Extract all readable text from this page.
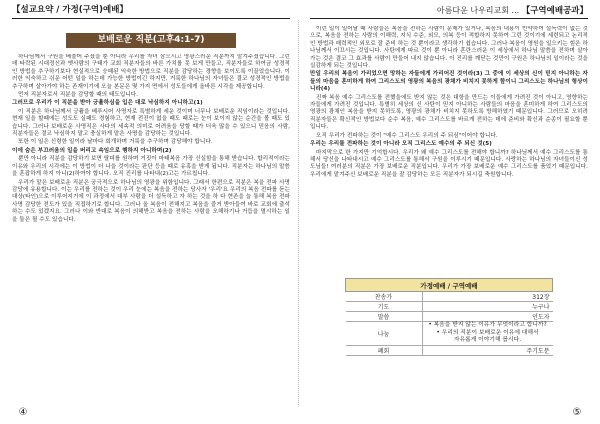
【설교요약 / 가정(구역)예배】
보배로운 직분(고후4:1-7)

하나님께서 구원을 베풀어 주셨을 뿐 아니라 우리를 자녀 삼으시고 영광스러운 직분까지 맡겨주셨습니다. 그런데 타락된 시대정신과 옛사람의 구태가 교회 직분자들의 바른 가치를 못 보게 만들고, 직분자들로 하여금 성경적인 방법을 추구하기보다 현실적으로 승패된 익숙한 방법으로 직분을 감당하는 경향을 보이도록 이끌었습니다. 이러한 익숙하고 쉬운 어떤 일을 하는데 가능한 방법이긴 하지만, 거룩한 하나님의 자녀들은 결코 성경적인 방법을 추구하며 살아가야 하는 존재이기에 오늘 본문은 몇 가지 면에서 성도들에게 올바른 시각을 제공합니다.

먼저 직분자로서 직분을 감당할 때의 태도입니다.

그러므로 우리가 이 직분을 받아 긍휼하심을 입은 대로 낙심하지 아니하고(1)

이 직분은 하나님께서 긍휼을 베푸시어 사명자로 특별하게 세운 것이며 너무나 보배로운 직임이라는 것입니다. 현재 일을 할때에는 성도도 실패도 경험하고, 현재 전진이 없을 때도 때로는 눈이 보이지 않는 순간을 볼 때도 있습니다. 그러나 보배로운 사명직은 사다의 세속적 의미로 어려움을 당할 때가 더욱 많을 수 있으니 믿음의 사람, 직분자들은 결코 낙심하지 말고 충실하게 맡은 사명을 감당하는 것입니다.

또한 이 일은 신령한 일이라 날마다 회개하며 거룩을 추구하며 감당해야 합니다.

이에 숨은 부끄러움의 일을 버리고 속임으로 행하지 아니하며(2)

뿐만 아니라 직분을 감당하기 보면 탈피를 원하며 거짓이 마태복음 가장 신실함을 통해 받습니다. 합리적이라는 이유와 우리의 시각에는 이 방법이 더 나을 것이라는 판단 등을 때로 유혹을 받게 됩니다. 직분자는 하나님의 말씀을 혼잡하게 하지 아니(2)하여야 합니다. 오직 진리를 나타내(2)고는 가르칩니다.

우리가 맡은 보배로운 직분은 궁극적으로 하나님의 영광을 위함입니다. 그래서 한편으로 직분은 복을 전파 사명 감당에 유용합니다. 이는 우리를 전하는 것이 우리 눈에는 복음을 전하는 당사자 '우리'요 우리의 복음 전파를 듣는 대상(타인)으로 이루어지기에 이 과정에서 대부 사람을 더 설득하고 자 하는 것을 하 다 현존을 늘 통해 복음 전파 사명 감당한 전도가 있을 직접하기로 합니다. 그러나 올 복음이 전해지고 복음을 즐거 받아들여 바로 교회에 출석하는 수도 있겠지요. 그러나 이와 반대로 복음이 의해받고 복음을 전하는 사람을 오해하기나 거듭을 멸시하는 일을 둘은 될 수도 있습니다.

④
아름다운 나우리교회 ... 【구역예배공과】

이런 일이 일어날 때 사람들은 복음을 전하는 사람이 문제가 있거나, 복음의 내용이 빈약하여 설득력이 없는 것으로, 복음을 전하는 사람의 이해력, 지식 수준, 외모, 의복 등이 적합하지 못하여 그런 것이기에 세련되고 논리적인 방법과 매력적인 외모로 잘 준비 하는 것 뿐이라고 생각하기 쉽습니다. 그러나 복음이 영원을 일으키는 힘은 하나님께서 이끄시는 것입니다. 사탄에게 따르 것이 뿐 아니라 혼란스러운 이 세상에서 하나님 말씀을 전하며 살아가는 것은 결코 그 효과를 사람이 만들어 내지 않습니다. 이 진리를 깨닫는 것만이 구원은 하나님의 일이라는 것을 실감하게 되는 것입니다.

만일 우리의 복음이 가리었으면 망하는 자들에게 가리어진 것이라(3) 그 중에 이 세상의 신이 믿지 아니하는 자들의 마음을 혼미하게 하여 그리스도의 영광의 복음의 광채가 비치지 못하게 함이니 그리스도는 하나님의 형상이니라(4)

진짜 복음 예수 그리스도를 전했을에도 받지 않는 것은 대항을 만드는 이들에게 가려진 것이 아니고, 영향하는 자들에게 가려진 것입니다. 특별히 세상의 신 사탄이 믿지 아니하는 사람들의 마음을 혼미하게 하여 그리스도의 영광의 광채인 복음을 받지 못하도록, 영광의 광채가 비치지 못하도록 방해하였기 때문입니다. 그러므로 오히려 직분자들은 확신적인 방법보다 순수 복음, 예수 그리스도를 바르게 전하는 데에 준비와 확신과 순종이 필요할 뿐입니다.

오직 우리가 전파하는 것이 "예수 그리스도 우리의 주 되심"이어야 합니다.

우리는 우리를 전파하는 것이 아니라 오직 그리스도 예수의 주 되신 것(5)

마지막으로 한 가지만 기억합시다. 우리가 왜 예수 그리스도를 전해야 합니까? 하나님께서 예수 그리스도를 통해서 당신을 나타내시고 예수 그리스도를 통해서 구원을 이루시기 때문입니다. 사랑하는 하나님의 자녀들이신 성도님들! 여러분의 직분은 가장 보배로운 직분입니다. 우리가 가장 보배로운 예수 그리스도를 품었기 때문입니다. 우리에게 맡겨주신 보배로운 직분을 잘 감당하는 모든 직분자가 되시길 축원합니다.

가정예배 / 구역예배	
찬송가	312장
기도	누구나
말씀	인도자
나눔	• 복음을 받지 않는 이유가 무엇이라고 합니까?
• 우리의 직분이 보배로운 이유에 대해서
자유롭게 이야기해 봅시다.

폐회	주기도문
⑤
